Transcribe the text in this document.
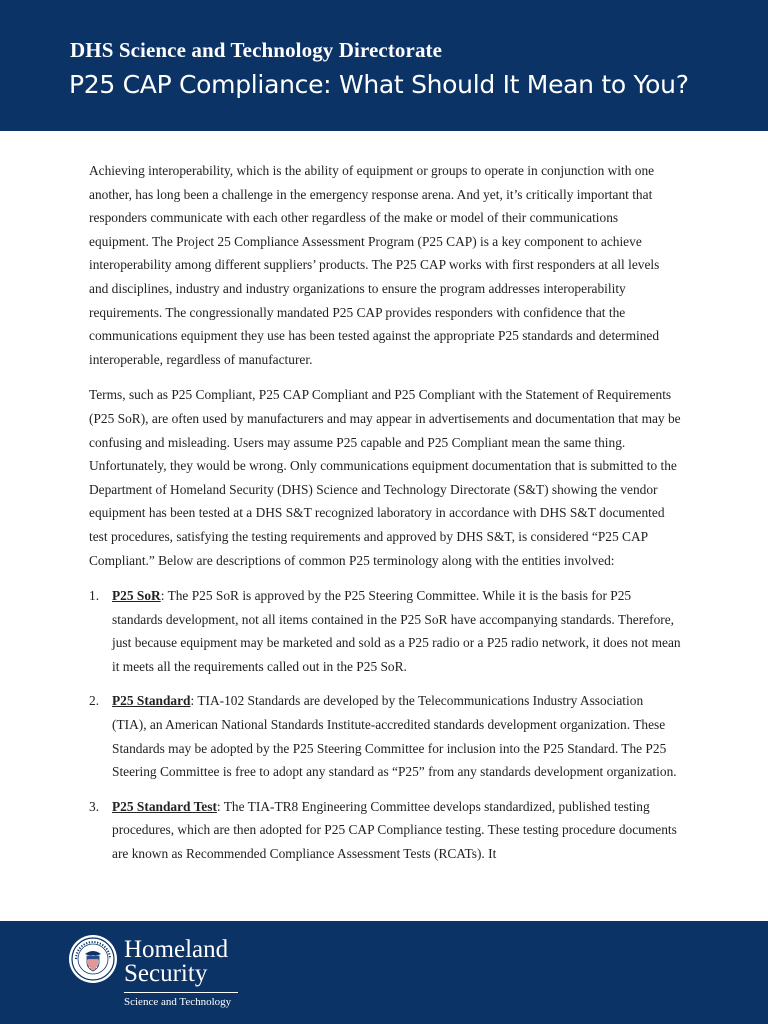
DHS Science and Technology Directorate
P25 CAP Compliance: What Should It Mean to You?

Achieving interoperability, which is the ability of equipment or groups to operate in conjunction with one another, has long been a challenge in the emergency response arena. And yet, it’s critically important that responders communicate with each other regardless of the make or model of their communications equipment. The Project 25 Compliance Assessment Program (P25 CAP) is a key component to achieve interoperability among different suppliers’ products. The P25 CAP works with first responders at all levels and disciplines, industry and industry organizations to ensure the program addresses interoperability requirements. The congressionally mandated P25 CAP provides responders with confidence that the communications equipment they use has been tested against the appropriate P25 standards and determined interoperable, regardless of manufacturer.

Terms, such as P25 Compliant, P25 CAP Compliant and P25 Compliant with the Statement of Requirements (P25 SoR), are often used by manufacturers and may appear in advertisements and documentation that may be confusing and misleading. Users may assume P25 capable and P25 Compliant mean the same thing. Unfortunately, they would be wrong. Only communications equipment documentation that is submitted to the Department of Homeland Security (DHS) Science and Technology Directorate (S&T) showing the vendor equipment has been tested at a DHS S&T recognized laboratory in accordance with DHS S&T documented test procedures, satisfying the testing requirements and approved by DHS S&T, is considered “P25 CAP Compliant.” Below are descriptions of common P25 terminology along with the entities involved:

1. P25 SoR: The P25 SoR is approved by the P25 Steering Committee. While it is the basis for P25 standards development, not all items contained in the P25 SoR have accompanying standards. Therefore, just because equipment may be marketed and sold as a P25 radio or a P25 radio network, it does not mean it meets all the requirements called out in the P25 SoR.
2. P25 Standard: TIA-102 Standards are developed by the Telecommunications Industry Association (TIA), an American National Standards Institute-accredited standards development organization. These Standards may be adopted by the P25 Steering Committee for inclusion into the P25 Standard. The P25 Steering Committee is free to adopt any standard as “P25” from any standards development organization.
3. P25 Standard Test: The TIA-TR8 Engineering Committee develops standardized, published testing procedures, which are then adopted for P25 CAP Compliance testing. These testing procedure documents are known as Recommended Compliance Assessment Tests (RCATs). It
Homeland
Security
Science and Technology
